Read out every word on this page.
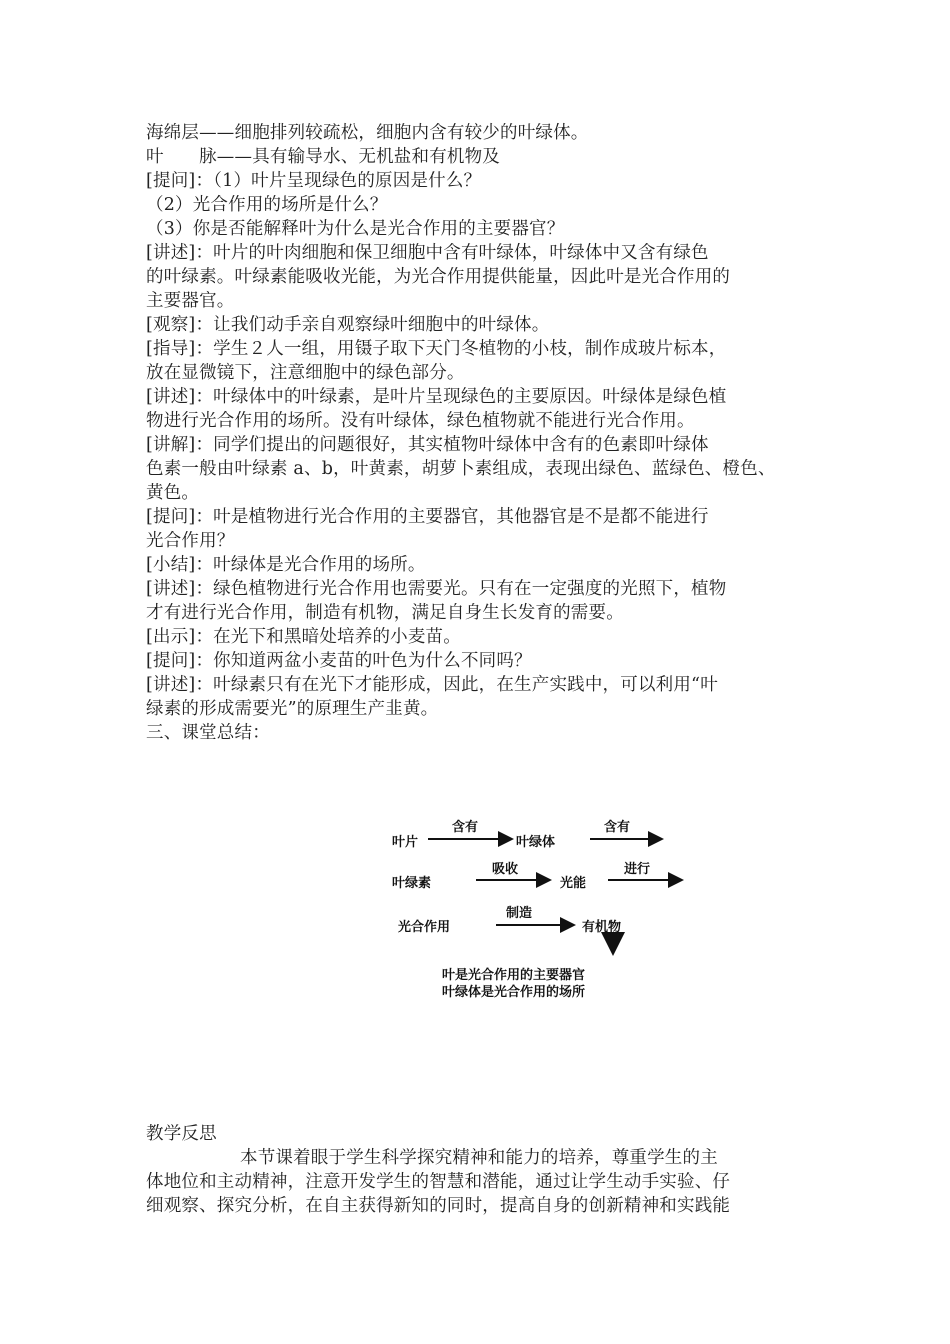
海绵层——细胞排列较疏松，细胞内含有较少的叶绿体。
叶　　脉——具有输导水、无机盐和有机物及
[提问]：（1）叶片呈现绿色的原因是什么？
（2）光合作用的场所是什么？
（3）你是否能解释叶为什么是光合作用的主要器官？
[讲述]：叶片的叶肉细胞和保卫细胞中含有叶绿体，叶绿体中又含有绿色
的叶绿素。叶绿素能吸收光能，为光合作用提供能量，因此叶是光合作用的
主要器官。
[观察]：让我们动手亲自观察绿叶细胞中的叶绿体。
[指导]：学生２人一组，用镊子取下天门冬植物的小枝，制作成玻片标本，
放在显微镜下，注意细胞中的绿色部分。
[讲述]：叶绿体中的叶绿素，是叶片呈现绿色的主要原因。叶绿体是绿色植
物进行光合作用的场所。没有叶绿体，绿色植物就不能进行光合作用。
[讲解]：同学们提出的问题很好，其实植物叶绿体中含有的色素即叶绿体
色素一般由叶绿素 a、b，叶黄素，胡萝卜素组成，表现出绿色、蓝绿色、橙色、
黄色。
[提问]：叶是植物进行光合作用的主要器官，其他器官是不是都不能进行
光合作用？
[小结]：叶绿体是光合作用的场所。
[讲述]：绿色植物进行光合作用也需要光。只有在一定强度的光照下，植物
才有进行光合作用，制造有机物，满足自身生长发育的需要。
[出示]：在光下和黑暗处培养的小麦苗。
[提问]：你知道两盆小麦苗的叶色为什么不同吗？
[讲述]：叶绿素只有在光下才能形成，因此，在生产实践中，可以利用“叶
绿素的形成需要光”的原理生产韭黄。
三、课堂总结：
叶片
含有
叶绿体
含有
叶绿素
吸收
光能
进行
光合作用
制造
有机物
叶是光合作用的主要器官
叶绿体是光合作用的场所
教学反思
本节课着眼于学生科学探究精神和能力的培养，尊重学生的主
体地位和主动精神，注意开发学生的智慧和潜能，通过让学生动手实验、仔
细观察、探究分析，在自主获得新知的同时，提高自身的创新精神和实践能
